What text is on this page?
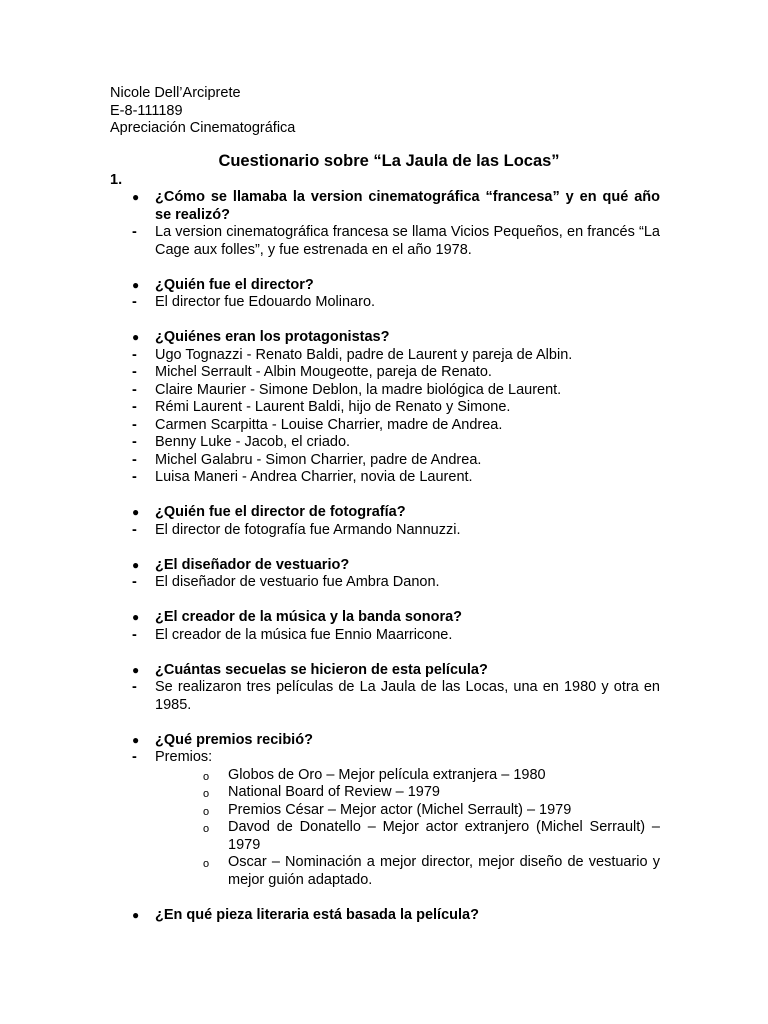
Nicole Dell’Arciprete
E-8-111189
Apreciación Cinematográfica
Cuestionario sobre “La Jaula de las Locas”
1.
● ¿Cómo se llamaba la version cinematográfica “francesa” y en qué año se realizó?
- La version cinematográfica francesa se llama Vicios Pequeños, en francés “La Cage aux folles”, y fue estrenada en el año 1978.
● ¿Quién fue el director?
- El director fue Edouardo Molinaro.
● ¿Quiénes eran los protagonistas?
- Ugo Tognazzi - Renato Baldi, padre de Laurent y pareja de Albin.
- Michel Serrault - Albin Mougeotte, pareja de Renato.
- Claire Maurier - Simone Deblon, la madre biológica de Laurent.
- Rémi Laurent - Laurent Baldi, hijo de Renato y Simone.
- Carmen Scarpitta - Louise Charrier, madre de Andrea.
- Benny Luke - Jacob, el criado.
- Michel Galabru - Simon Charrier, padre de Andrea.
- Luisa Maneri - Andrea Charrier, novia de Laurent.
● ¿Quién fue el director de fotografía?
- El director de fotografía fue Armando Nannuzzi.
● ¿El diseñador de vestuario?
- El diseñador de vestuario fue Ambra Danon.
● ¿El creador de la música y la banda sonora?
- El creador de la música fue Ennio Maarricone.
● ¿Cuántas secuelas se hicieron de esta película?
- Se realizaron tres películas de La Jaula de las Locas, una en 1980 y otra en 1985.
● ¿Qué premios recibió?
- Premios:
o Globos de Oro – Mejor película extranjera – 1980
o National Board of Review – 1979
o Premios César – Mejor actor (Michel Serrault) – 1979
o Davod de Donatello – Mejor actor extranjero (Michel Serrault) – 1979
o Oscar – Nominación a mejor director, mejor diseño de vestuario y mejor guión adaptado.
● ¿En qué pieza literaria está basada la película?
